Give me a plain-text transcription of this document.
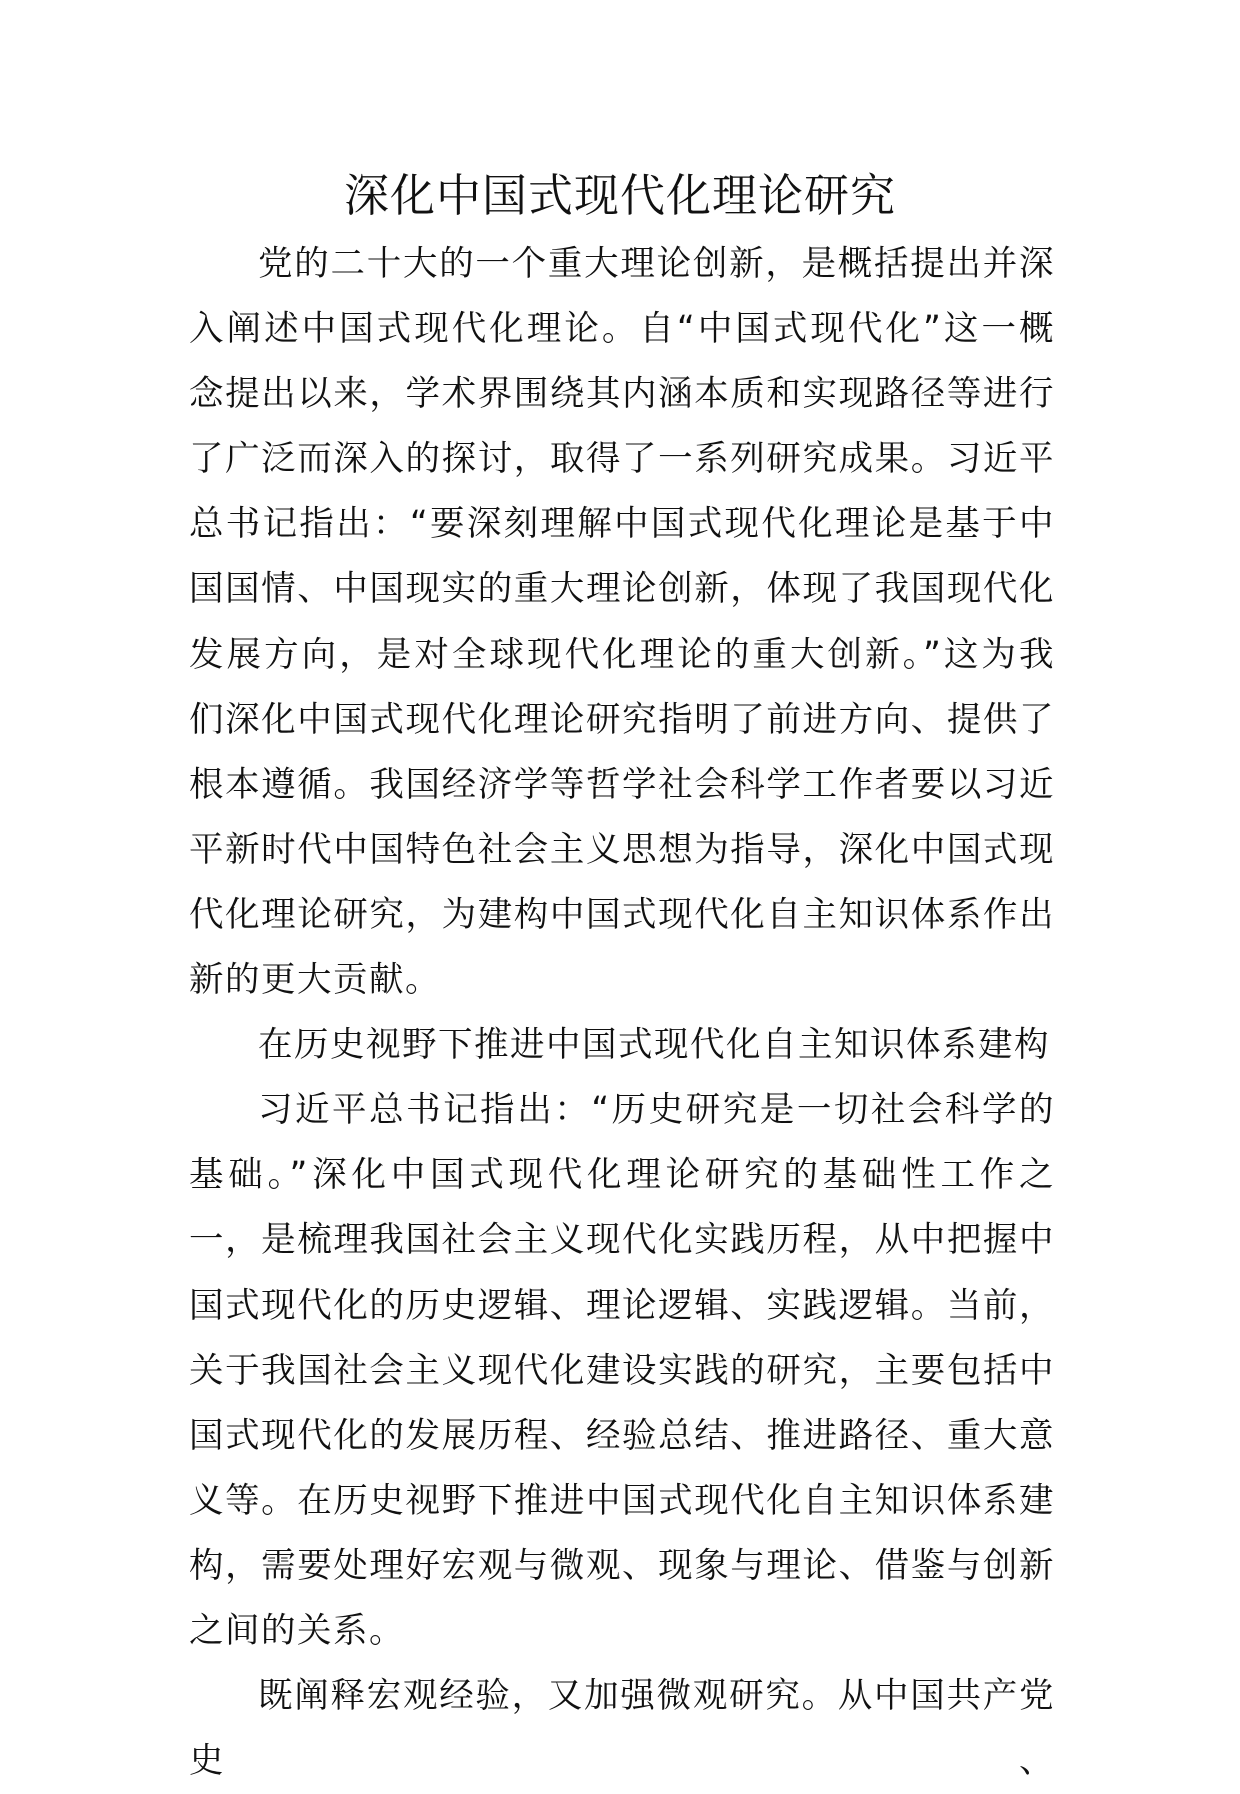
深化中国式现代化理论研究

党的二十大的一个重大理论创新，是概括提出并深入阐述中国式现代化理论。自“中国式现代化”这一概念提出以来，学术界围绕其内涵本质和实现路径等进行了广泛而深入的探讨，取得了一系列研究成果。习近平总书记指出：“要深刻理解中国式现代化理论是基于中国国情、中国现实的重大理论创新，体现了我国现代化发展方向，是对全球现代化理论的重大创新。”这为我们深化中国式现代化理论研究指明了前进方向、提供了根本遵循。我国经济学等哲学社会科学工作者要以习近平新时代中国特色社会主义思想为指导，深化中国式现代化理论研究，为建构中国式现代化自主知识体系作出新的更大贡献。

在历史视野下推进中国式现代化自主知识体系建构

习近平总书记指出：“历史研究是一切社会科学的基础。”深化中国式现代化理论研究的基础性工作之一，是梳理我国社会主义现代化实践历程，从中把握中国式现代化的历史逻辑、理论逻辑、实践逻辑。当前，关于我国社会主义现代化建设实践的研究，主要包括中国式现代化的发展历程、经验总结、推进路径、重大意义等。在历史视野下推进中国式现代化自主知识体系建构，需要处理好宏观与微观、现象与理论、借鉴与创新之间的关系。

既阐释宏观经验，又加强微观研究。从中国共产党史、
